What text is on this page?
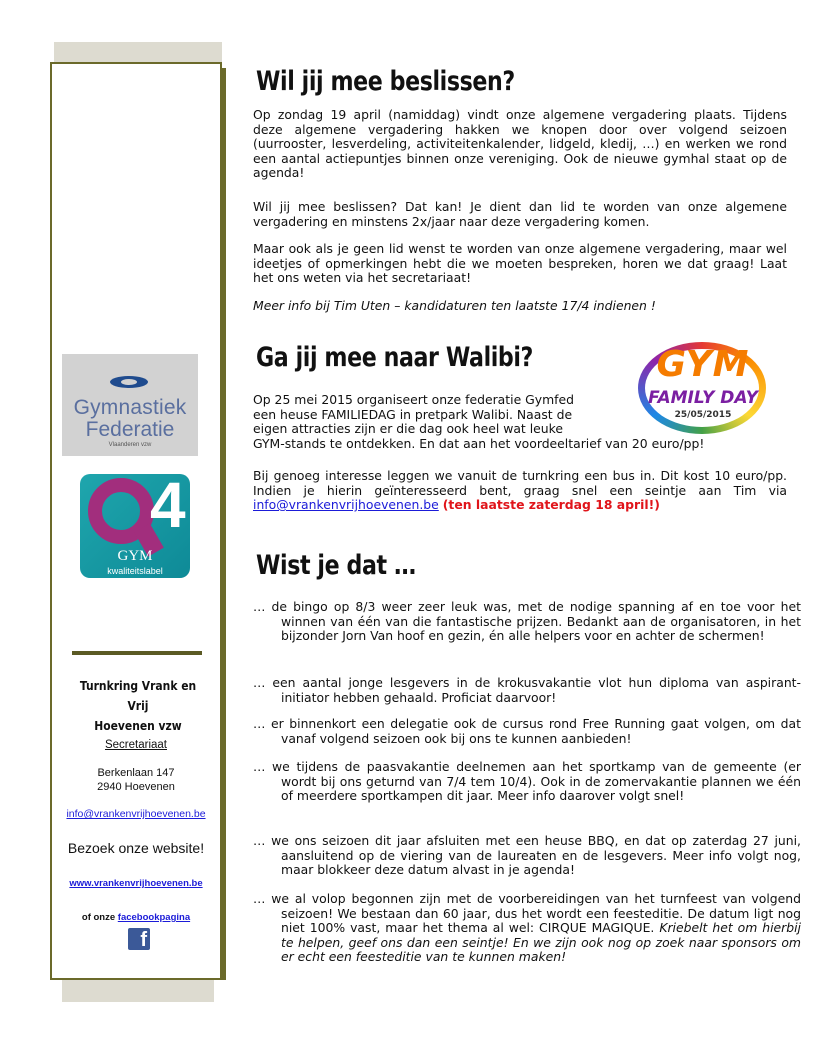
Gymnastiek
Federatie
Vlaanderen vzw
4
GYM
kwaliteitslabel
Turnkring Vrank en Vrij
Hoevenen vzw
Secretariaat
Berkenlaan 147
2940 Hoevenen
info@vrankenvrijhoevenen.be
Bezoek onze website!
www.vrankenvrijhoevenen.be
of onze facebookpagina
f
Wil jij mee beslissen?

Op zondag 19 april (namiddag) vindt onze algemene vergadering plaats. Tijdens deze algemene vergadering hakken we knopen door over volgend seizoen (uurrooster, lesverdeling, activiteitenkalender, lidgeld, kledij, …) en werken we rond een aantal actiepuntjes binnen onze vereniging. Ook de nieuwe gymhal staat op de agenda!

Wil jij mee beslissen? Dat kan! Je dient dan lid te worden van onze algemene vergadering en minstens 2x/jaar naar deze vergadering komen.

Maar ook als je geen lid wenst te worden van onze algemene vergadering, maar wel ideetjes of opmerkingen hebt die we moeten bespreken, horen we dat graag! Laat het ons weten via het secretariaat!

Meer info bij Tim Uten – kandidaturen ten laatste 17/4 indienen !

Ga jij mee naar Walibi?	GYM
FAMILY DAY
25/05/2015

Op 25 mei 2015 organiseert onze federatie Gymfed
een heuse FAMILIEDAG in pretpark Walibi. Naast de
eigen attracties zijn er die dag ook heel wat leuke
GYM-stands te ontdekken. En dat aan het voordeeltarief van 20 euro/pp!

Bij genoeg interesse leggen we vanuit de turnkring een bus in. Dit kost 10 euro/pp. Indien je hierin geïnteresseerd bent, graag snel een seintje aan Tim via info@vrankenvrijhoevenen.be (ten laatste zaterdag 18 april!)

Wist je dat …

… de bingo op 8/3 weer zeer leuk was, met de nodige spanning af en toe voor het winnen van één van die fantastische prijzen. Bedankt aan de organisatoren, in het bijzonder Jorn Van hoof en gezin, én alle helpers voor en achter de schermen!

… een aantal jonge lesgevers in de krokusvakantie vlot hun diploma van aspirant-initiator hebben gehaald. Proficiat daarvoor!

… er binnenkort een delegatie ook de cursus rond Free Running gaat volgen, om dat vanaf volgend seizoen ook bij ons te kunnen aanbieden!

… we tijdens de paasvakantie deelnemen aan het sportkamp van de gemeente (er wordt bij ons geturnd van 7/4 tem 10/4). Ook in de zomervakantie plannen we één of meerdere sportkampen dit jaar. Meer info daarover volgt snel!

… we ons seizoen dit jaar afsluiten met een heuse BBQ, en dat op zaterdag 27 juni, aansluitend op de viering van de laureaten en de lesgevers. Meer info volgt nog, maar blokkeer deze datum alvast in je agenda!

… we al volop begonnen zijn met de voorbereidingen van het turnfeest van volgend seizoen! We bestaan dan 60 jaar, dus het wordt een feesteditie. De datum ligt nog niet 100% vast, maar het thema al wel: CIRQUE MAGIQUE. Kriebelt het om hierbij te helpen, geef ons dan een seintje! En we zijn ook nog op zoek naar sponsors om er echt een feesteditie van te kunnen maken!
